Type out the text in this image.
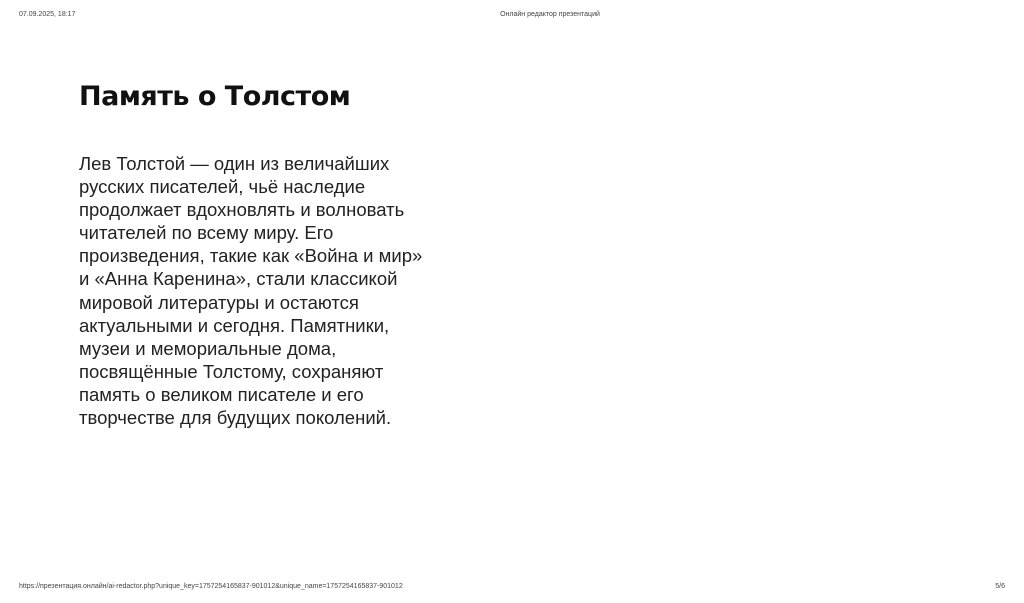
07.09.2025, 18:17	Онлайн редактор презентаций
Память о Толстом

Лев Толстой — один из величайших русских писателей, чьё наследие продолжает вдохновлять и волновать читателей по всему миру. Его произведения, такие как «Война и мир» и «Анна Каренина», стали классикой мировой литературы и остаются актуальными и сегодня. Памятники, музеи и мемориальные дома, посвящённые Толстому, сохраняют память о великом писателе и его творчестве для будущих поколений.

https://презентация.онлайн/ai-redactor.php?unique_key=1757254165837-901012&unique_name=1757254165837-901012	5/6
